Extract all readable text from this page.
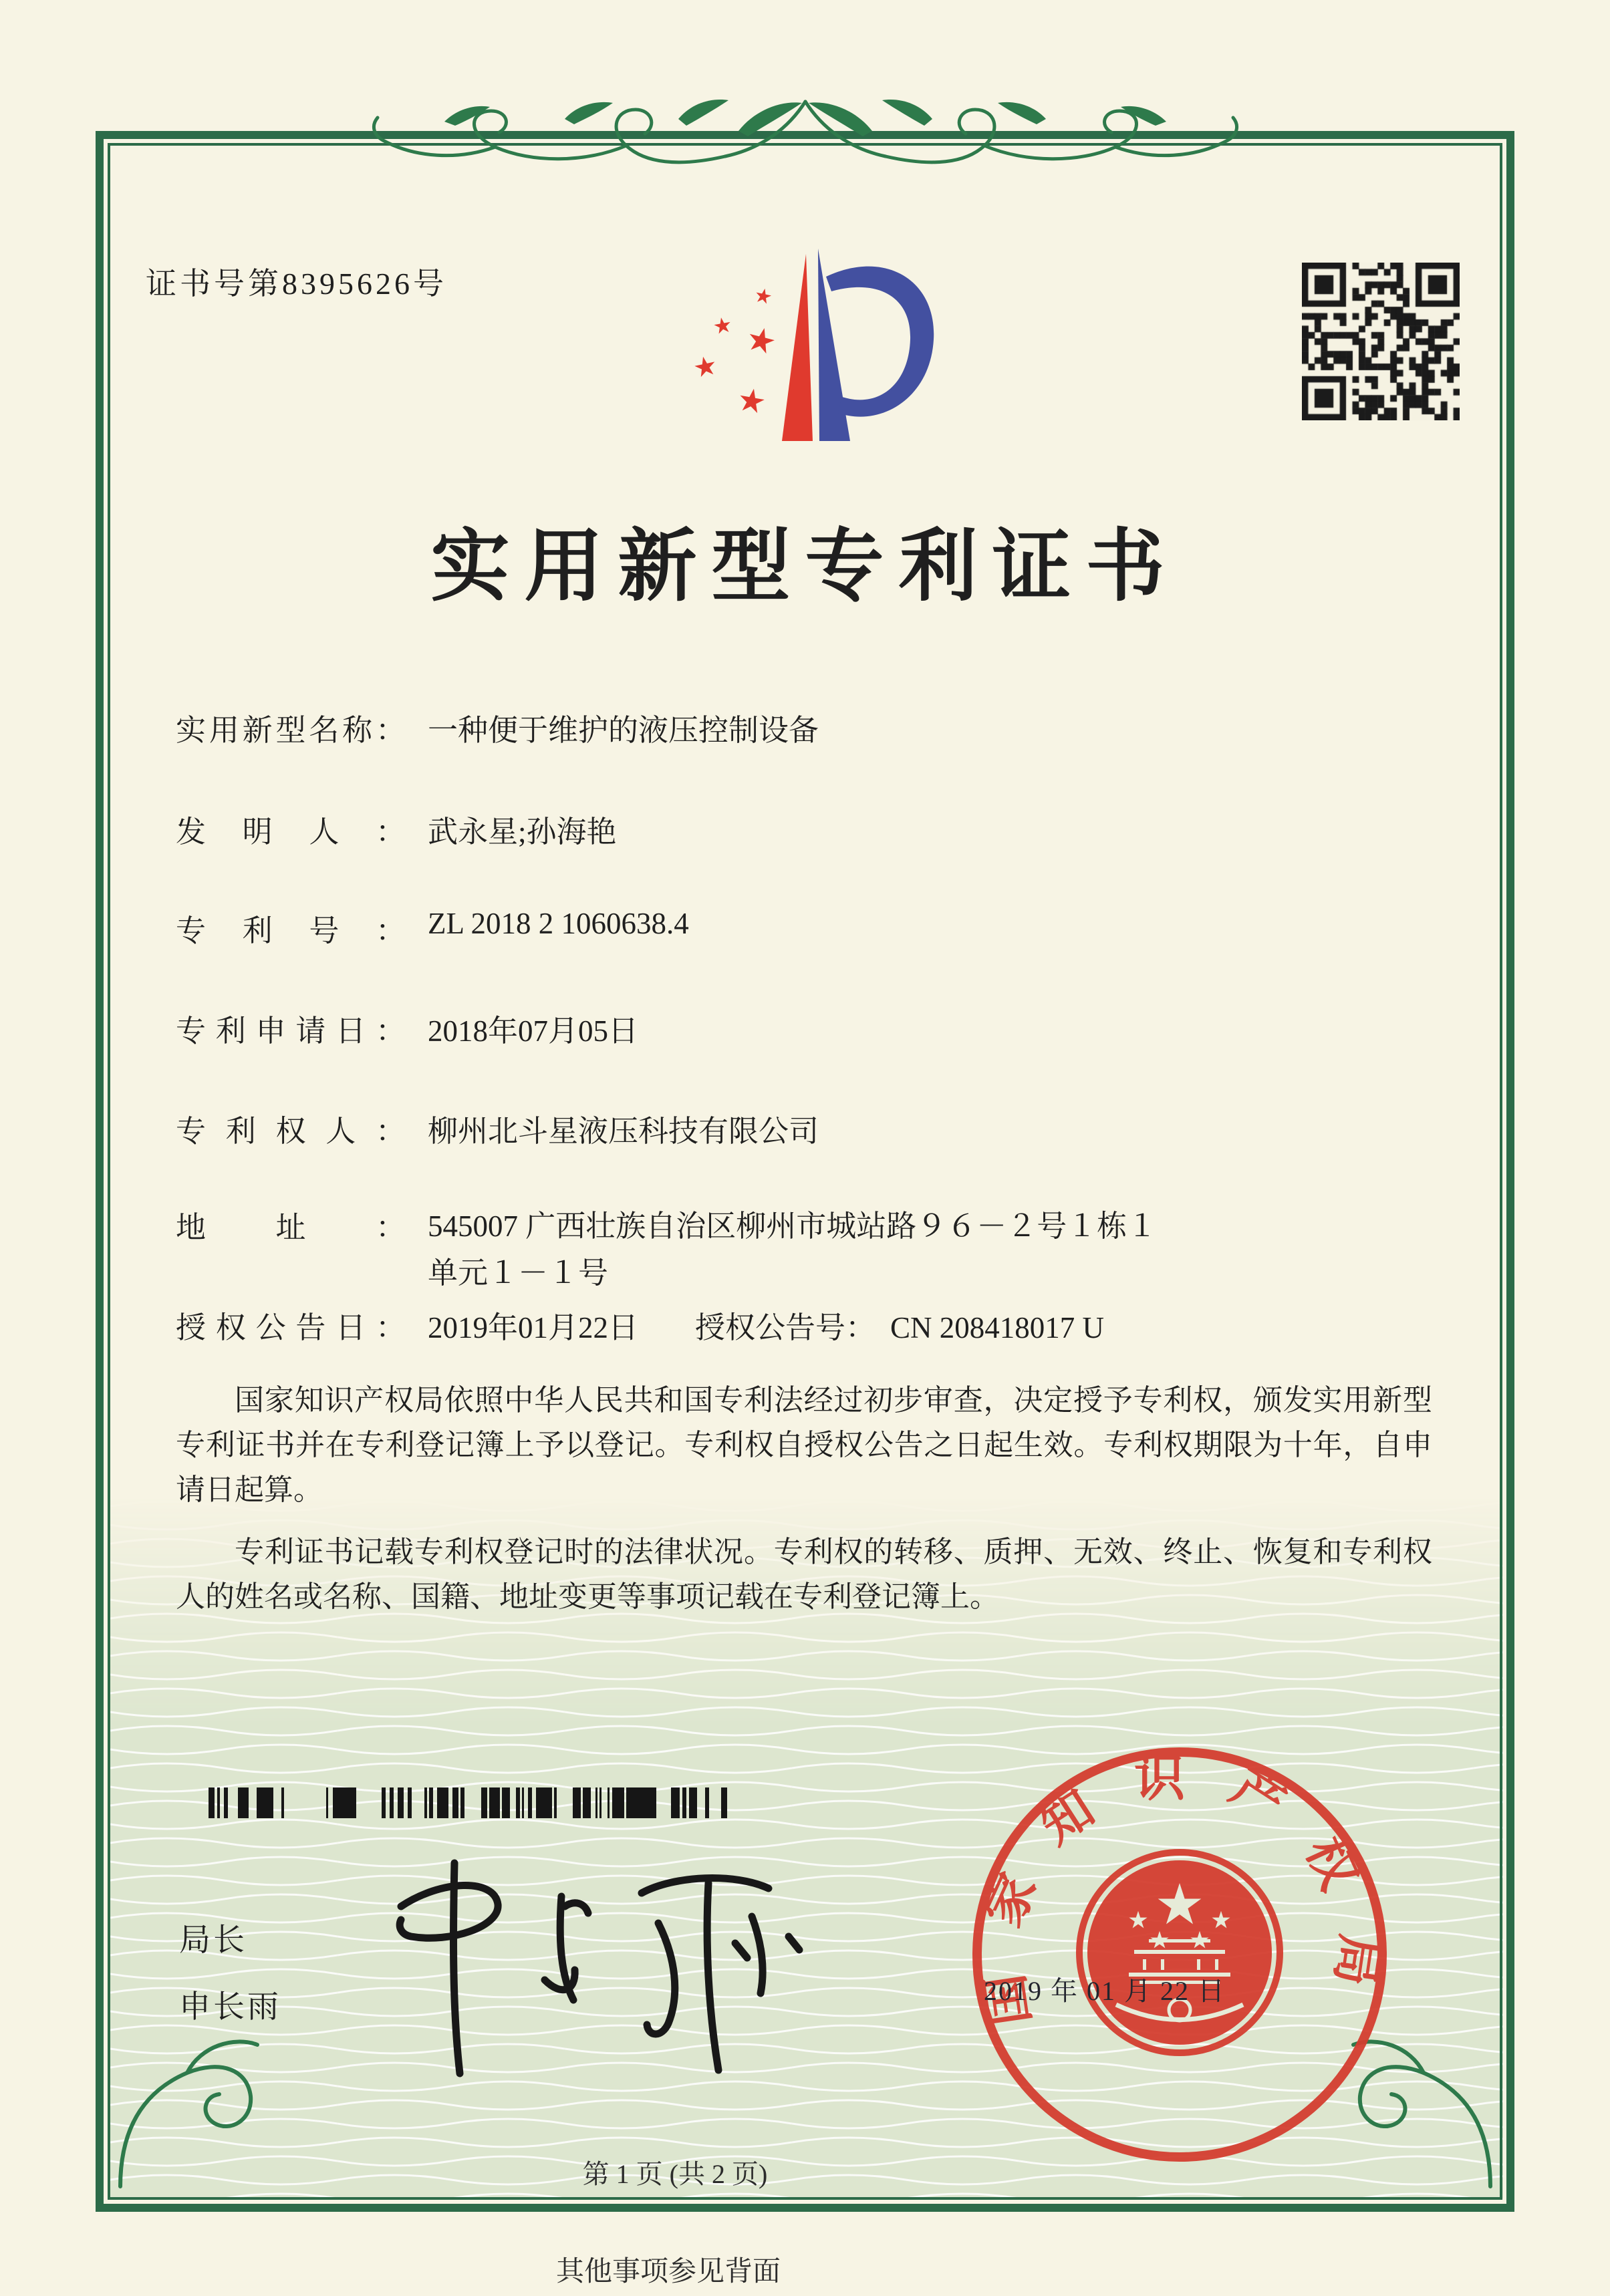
证书号第8395626号	★
★ ★
★
★
实用新型专利证书
实用新型名称： 一种便于维护的液压控制设备
发明人： 武永星;孙海艳
专利号： ZL 2018 2 1060638.4
专利申请日： 2018年07月05日
专利权人： 柳州北斗星液压科技有限公司
地址： 545007 广西壮族自治区柳州市城站路９６－２号１栋１
单元１－１号
授权公告日： 2019年01月22日 授权公告号： CN 208418017 U

国家知识产权局依照中华人民共和国专利法经过初步审查，决定授予专利权，颁发实用新型专利证书并在专利登记簿上予以登记。专利权自授权公告之日起生效。专利权期限为十年，自申请日起算。

专利证书记载专利权登记时的法律状况。专利权的转移、质押、无效、终止、恢复和专利权人的姓名或名称、国籍、地址变更等事项记载在专利登记簿上。

局长
申长雨	国家知识产权局
2019 年 01 月 22 日
第 1 页 (共 2 页)
其他事项参见背面
